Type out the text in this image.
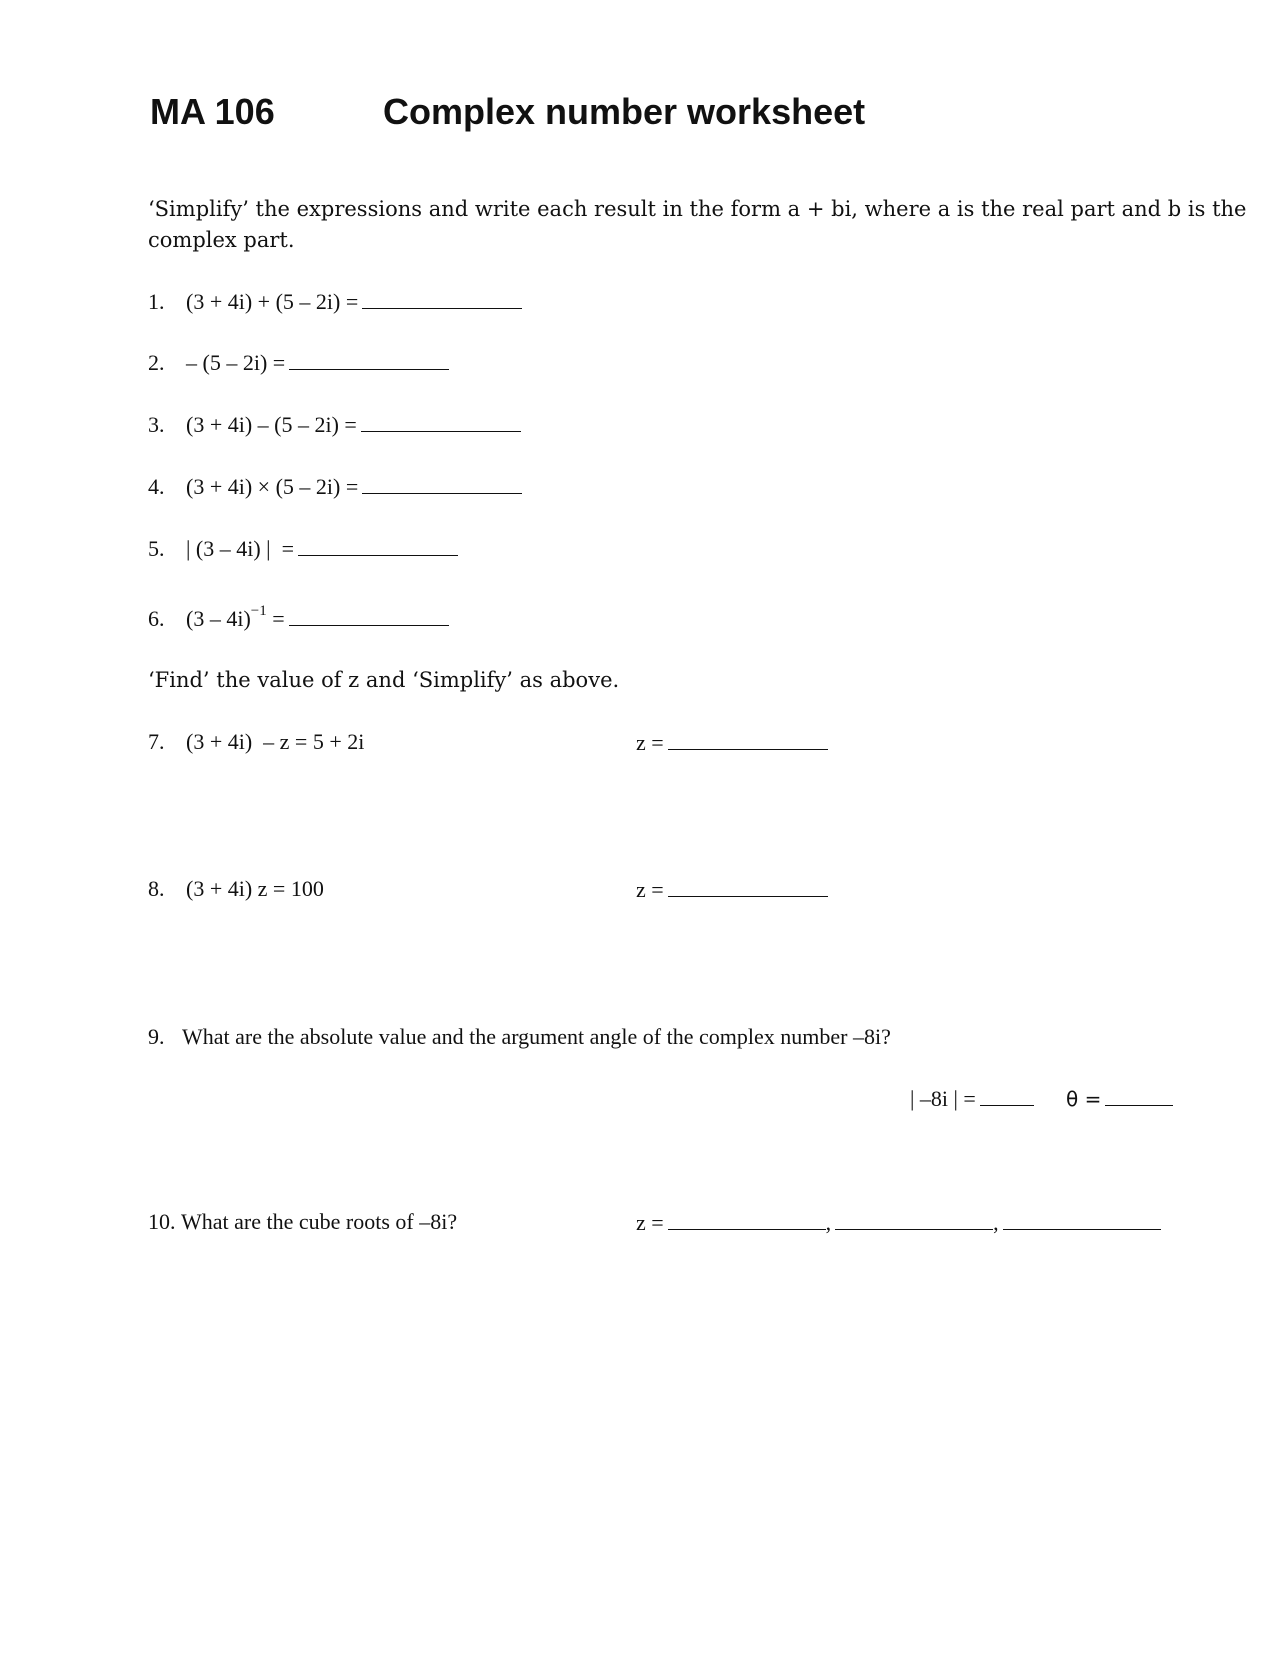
MA 106	Complex number worksheet
‘Simplify’ the expressions and write each result in the form a + bi, where a is the real part and b is the
complex part.
1. (3 + 4i) + (5 – 2i) =
2. – (5 – 2i) =
3. (3 + 4i) – (5 – 2i) =
4. (3 + 4i) × (5 – 2i) =
5. | (3 – 4i) |  =
6. (3 – 4i)$^{-1}$ =
‘Find’ the value of z and ‘Simplify’ as above.
7. (3 + 4i)  – z = 5 + 2i	z =
8. (3 + 4i) z = 100	z =
9. What are the absolute value and the argument angle of the complex number –8i?
| –8i | =	θ =
10. What are the cube roots of –8i?	z =	,	,
